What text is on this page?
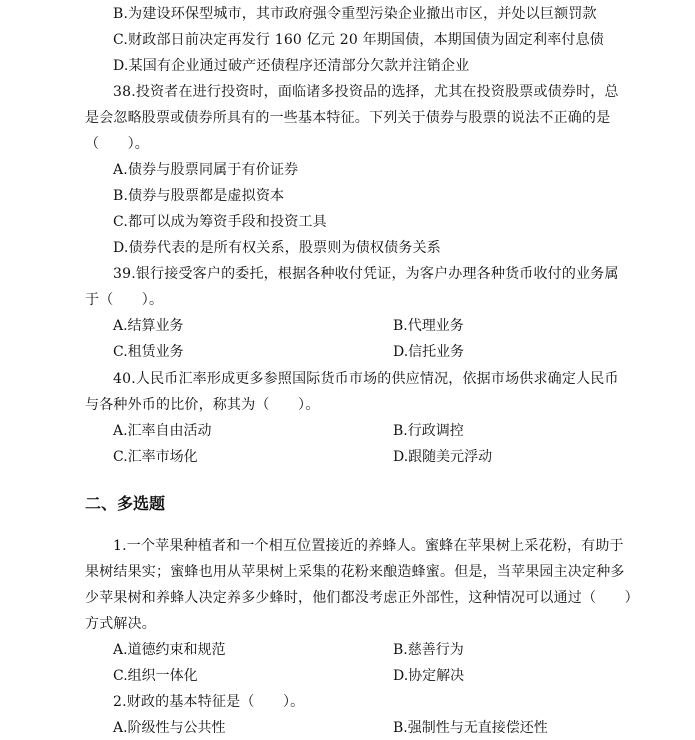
B.为建设环保型城市，其市政府强令重型污染企业撤出市区，并处以巨额罚款
C.财政部日前决定再发行 160 亿元 20 年期国债，本期国债为固定利率付息债
D.某国有企业通过破产还债程序还清部分欠款并注销企业
38.投资者在进行投资时，面临诸多投资品的选择，尤其在投资股票或债券时，总
是会忽略股票或债券所具有的一些基本特征。下列关于债券与股票的说法不正确的是
（　　）。
A.债券与股票同属于有价证券
B.债券与股票都是虚拟资本
C.都可以成为筹资手段和投资工具
D.债券代表的是所有权关系，股票则为债权债务关系
39.银行接受客户的委托，根据各种收付凭证，为客户办理各种货币收付的业务属
于（　　）。
A.结算业务	B.代理业务
C.租赁业务	D.信托业务
40.人民币汇率形成更多参照国际货币市场的供应情况，依据市场供求确定人民币
与各种外币的比价，称其为（　　）。
A.汇率自由活动	B.行政调控
C.汇率市场化	D.跟随美元浮动
二、多选题
1.一个苹果种植者和一个相互位置接近的养蜂人。蜜蜂在苹果树上采花粉，有助于
果树结果实；蜜蜂也用从苹果树上采集的花粉来酿造蜂蜜。但是，当苹果园主决定种多
少苹果树和养蜂人决定养多少蜂时，他们都没考虑正外部性，这种情况可以通过（　　）
方式解决。
A.道德约束和规范	B.慈善行为
C.组织一体化	D.协定解决
2.财政的基本特征是（　　）。
A.阶级性与公共性	B.强制性与无直接偿还性
